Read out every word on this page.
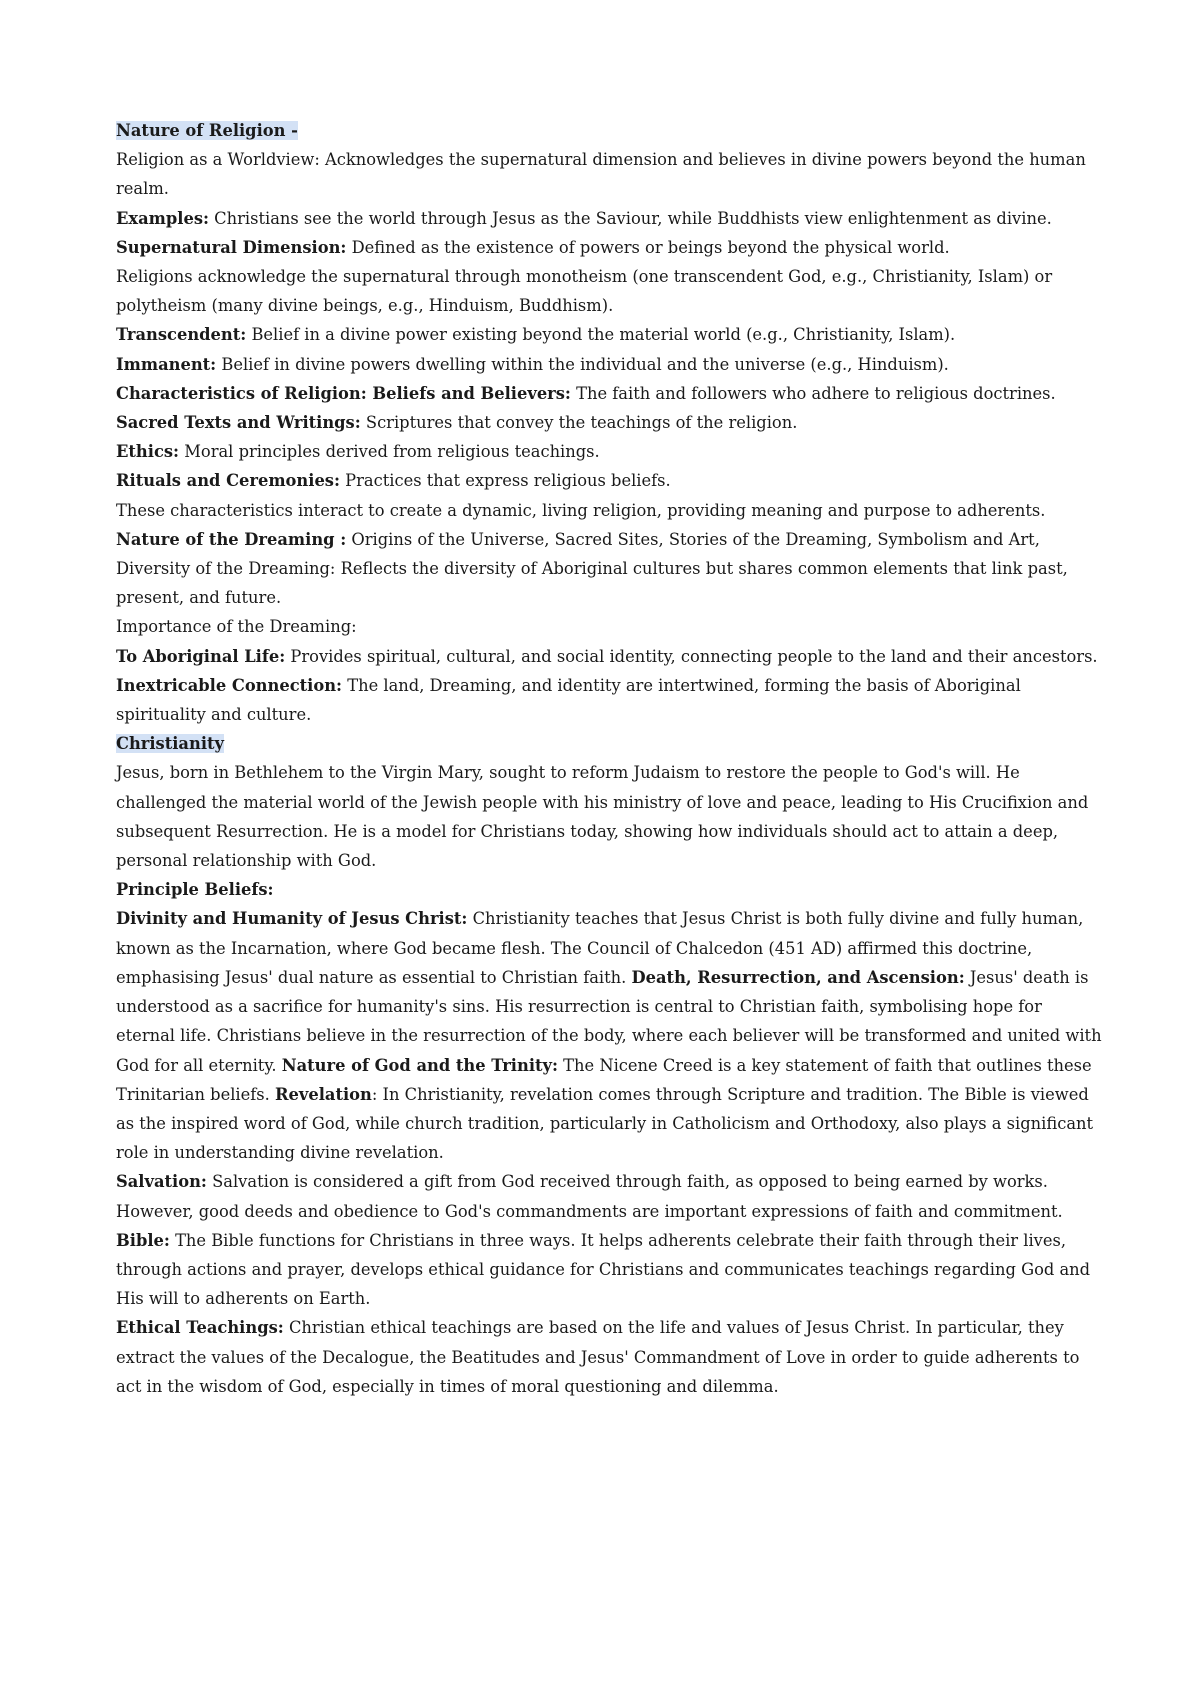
Nature of Religion -

Religion as a Worldview: Acknowledges the supernatural dimension and believes in divine powers beyond the human realm.

Examples: Christians see the world through Jesus as the Saviour, while Buddhists view enlightenment as divine.

Supernatural Dimension: Defined as the existence of powers or beings beyond the physical world.

Religions acknowledge the supernatural through monotheism (one transcendent God, e.g., Christianity, Islam) or polytheism (many divine beings, e.g., Hinduism, Buddhism).

Transcendent: Belief in a divine power existing beyond the material world (e.g., Christianity, Islam).

Immanent: Belief in divine powers dwelling within the individual and the universe (e.g., Hinduism).

Characteristics of Religion: Beliefs and Believers: The faith and followers who adhere to religious doctrines.

Sacred Texts and Writings: Scriptures that convey the teachings of the religion.

Ethics: Moral principles derived from religious teachings.

Rituals and Ceremonies: Practices that express religious beliefs.

These characteristics interact to create a dynamic, living religion, providing meaning and purpose to adherents.

Nature of the Dreaming : Origins of the Universe, Sacred Sites, Stories of the Dreaming, Symbolism and Art, Diversity of the Dreaming: Reflects the diversity of Aboriginal cultures but shares common elements that link past, present, and future.

Importance of the Dreaming:

To Aboriginal Life: Provides spiritual, cultural, and social identity, connecting people to the land and their ancestors.

Inextricable Connection: The land, Dreaming, and identity are intertwined, forming the basis of Aboriginal spirituality and culture.

Christianity

Jesus, born in Bethlehem to the Virgin Mary, sought to reform Judaism to restore the people to God's will. He challenged the material world of the Jewish people with his ministry of love and peace, leading to His Crucifixion and subsequent Resurrection. He is a model for Christians today, showing how individuals should act to attain a deep, personal relationship with God.

Principle Beliefs:

Divinity and Humanity of Jesus Christ: Christianity teaches that Jesus Christ is both fully divine and fully human, known as the Incarnation, where God became flesh. The Council of Chalcedon (451 AD) affirmed this doctrine, emphasising Jesus' dual nature as essential to Christian faith. Death, Resurrection, and Ascension: Jesus' death is understood as a sacrifice for humanity's sins. His resurrection is central to Christian faith, symbolising hope for eternal life. Christians believe in the resurrection of the body, where each believer will be transformed and united with God for all eternity. Nature of God and the Trinity: The Nicene Creed is a key statement of faith that outlines these Trinitarian beliefs. Revelation: In Christianity, revelation comes through Scripture and tradition. The Bible is viewed as the inspired word of God, while church tradition, particularly in Catholicism and Orthodoxy, also plays a significant role in understanding divine revelation.

Salvation: Salvation is considered a gift from God received through faith, as opposed to being earned by works. However, good deeds and obedience to God's commandments are important expressions of faith and commitment.

Bible: The Bible functions for Christians in three ways. It helps adherents celebrate their faith through their lives, through actions and prayer, develops ethical guidance for Christians and communicates teachings regarding God and His will to adherents on Earth.

Ethical Teachings: Christian ethical teachings are based on the life and values of Jesus Christ. In particular, they extract the values of the Decalogue, the Beatitudes and Jesus' Commandment of Love in order to guide adherents to act in the wisdom of God, especially in times of moral questioning and dilemma.
